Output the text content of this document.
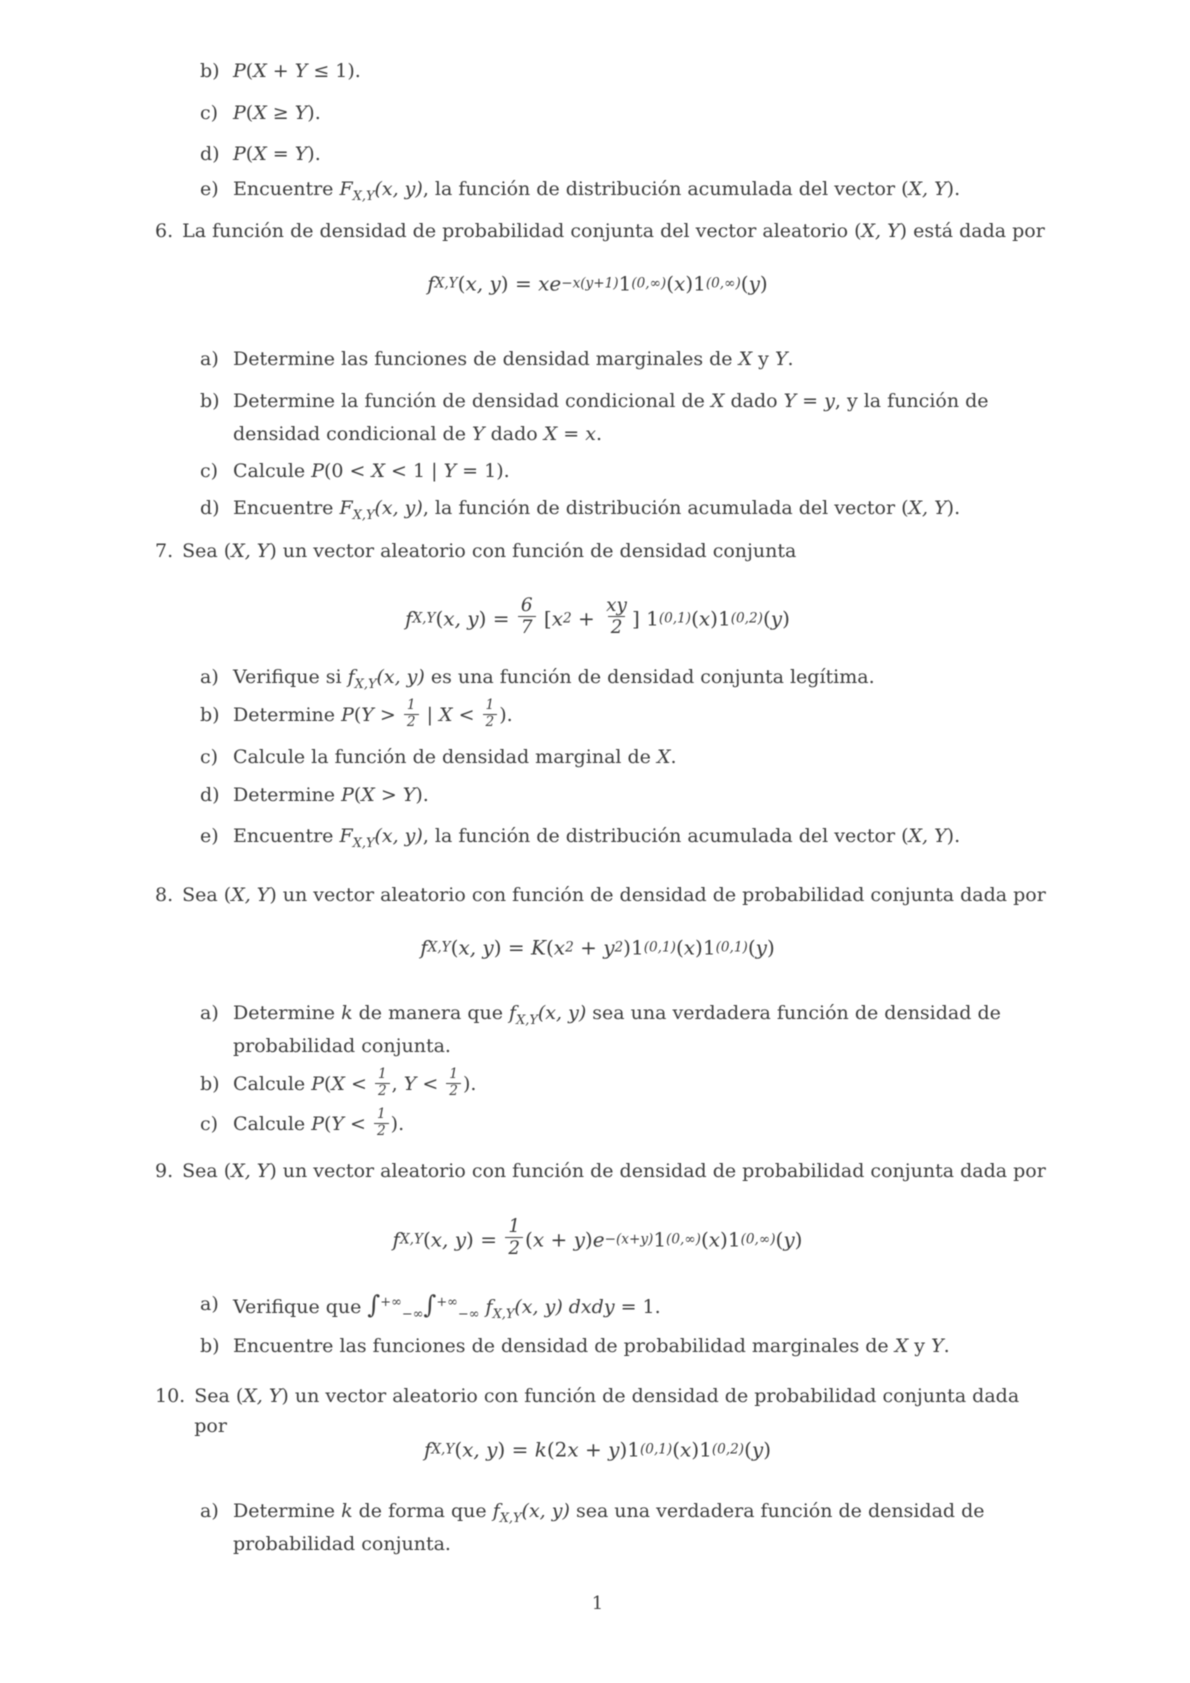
b) P(X + Y ≤ 1).
c) P(X ≥ Y).
d) P(X = Y).
e) Encuentre $F_{X,Y}(x$, y), la función de distribución acumulada del vector (X, Y).
6. La función de densidad de probabilidad conjunta del vector aleatorio (X, Y) está dada por
fX,Y(x, y) = xe−x(y+1)1(0,∞)(x)1(0,∞)(y)
a) Determine las funciones de densidad marginales de X y Y.
b) Determine la función de densidad condicional de X dado Y = y, y la función de densidad condicional de Y dado X = x.
c) Calcule P(0 < X < 1 | Y = 1).
d) Encuentre $F_{X,Y}(x$, y), la función de distribución acumulada del vector (X, Y).
7. Sea (X, Y) un vector aleatorio con función de densidad conjunta
fX,Y(x, $y) = \frac{6}{7} [x2 + \frac{xy}{2}$ ] 1(0,1)(x)1(0,2)(y)
a) Verifique si $f_{X,Y}(x$, y) es una función de densidad conjunta legítima.
b) Determine $P(Y > \frac{1}{2}$ | $X < \frac{1}{2}$ ).
c) Calcule la función de densidad marginal de X.
d) Determine P(X > Y).
e) Encuentre $F_{X,Y}(x$, y), la función de distribución acumulada del vector (X, Y).
8. Sea (X, Y) un vector aleatorio con función de densidad de probabilidad conjunta dada por
fX,Y(x, y) = K(x2 + y2)1(0,1)(x)1(0,1)(y)
a) Determine k de manera que $f_{X,Y}(x$, y) sea una verdadera función de densidad de probabilidad conjunta.
b) Calcule $P(X < \frac{1}{2}$ , $Y < \frac{1}{2}$ ).
c) Calcule $P(Y < \frac{1}{2}$ ).
9. Sea (X, Y) un vector aleatorio con función de densidad de probabilidad conjunta dada por
fX,Y(x, $y) = \frac{1}{2} (x + y)e-(x+y)1(0,\infty)(x)1(0,\infty)(y)$
a) Verifique que $\int^{+\infty}_{-\infty}\int^{+\infty}_{-\infty}$ $f_{X,Y}(x$, y) dxdy = 1.
b) Encuentre las funciones de densidad de probabilidad marginales de X y Y.
10. Sea (X, Y) un vector aleatorio con función de densidad de probabilidad conjunta dada por
fX,Y(x, y) = k(2x + y)1(0,1)(x)1(0,2)(y)
a) Determine k de forma que $f_{X,Y}(x$, y) sea una verdadera función de densidad de probabilidad conjunta.
1
